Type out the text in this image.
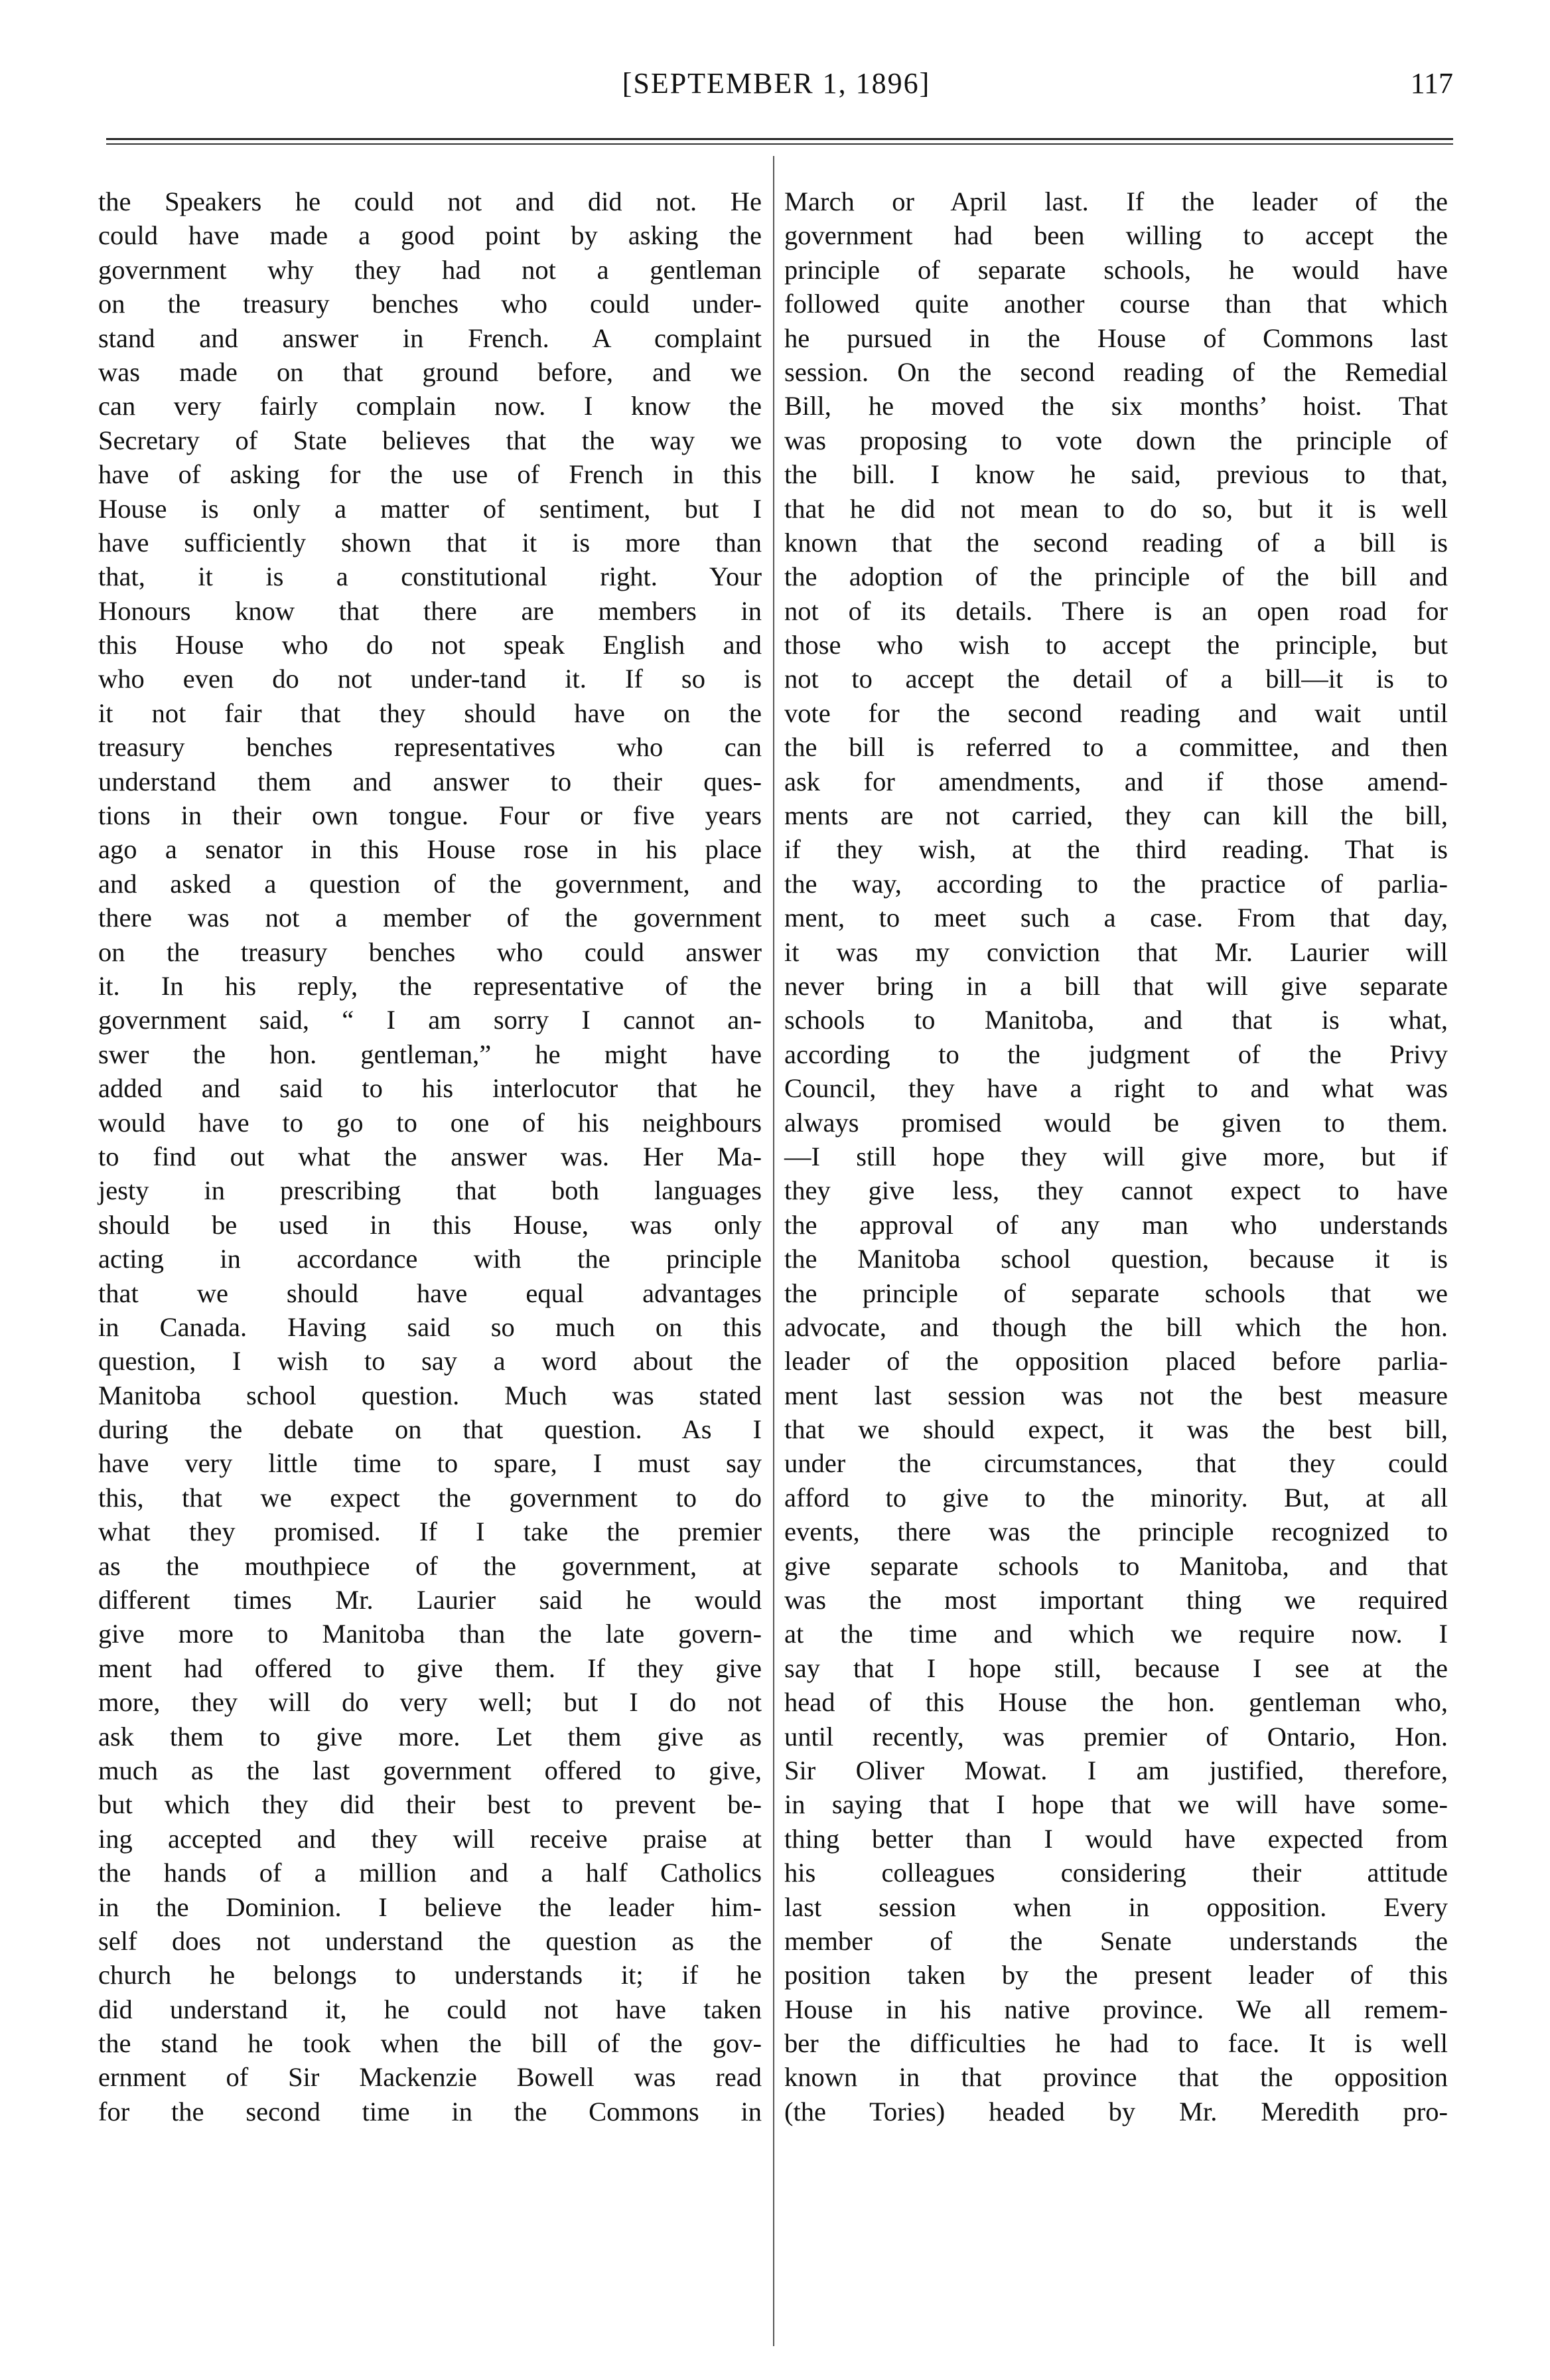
[SEPTEMBER 1, 1896]	117
the Speakers he could not and did not. He
could have made a good point by asking the
government why they had not a gentleman
on the treasury benches who could under-
stand and answer in French. A complaint
was made on that ground before, and we
can very fairly complain now. I know the
Secretary of State believes that the way we
have of asking for the use of French in this
House is only a matter of sentiment, but I
have sufficiently shown that it is more than
that, it is a constitutional right. Your
Honours know that there are members in
this House who do not speak English and
who even do not under-tand it. If so is
it not fair that they should have on the
treasury benches representatives who can
understand them and answer to their ques-
tions in their own tongue. Four or five years
ago a senator in this House rose in his place
and asked a question of the government, and
there was not a member of the government
on the treasury benches who could answer
it. In his reply, the representative of the
government said, “ I am sorry I cannot an-
swer the hon. gentleman,” he might have
added and said to his interlocutor that he
would have to go to one of his neighbours
to find out what the answer was. Her Ma-
jesty in prescribing that both languages
should be used in this House, was only
acting in accordance with the principle
that we should have equal advantages
in Canada. Having said so much on this
question, I wish to say a word about the
Manitoba school question. Much was stated
during the debate on that question. As I
have very little time to spare, I must say
this, that we expect the government to do
what they promised. If I take the premier
as the mouthpiece of the government, at
different times Mr. Laurier said he would
give more to Manitoba than the late govern-
ment had offered to give them. If they give
more, they will do very well; but I do not
ask them to give more. Let them give as
much as the last government offered to give,
but which they did their best to prevent be-
ing accepted and they will receive praise at
the hands of a million and a half Catholics
in the Dominion. I believe the leader him-
self does not understand the question as the
church he belongs to understands it; if he
did understand it, he could not have taken
the stand he took when the bill of the gov-
ernment of Sir Mackenzie Bowell was read
for the second time in the Commons in
March or April last. If the leader of the
government had been willing to accept the
principle of separate schools, he would have
followed quite another course than that which
he pursued in the House of Commons last
session. On the second reading of the Remedial
Bill, he moved the six months’ hoist. That
was proposing to vote down the principle of
the bill. I know he said, previous to that,
that he did not mean to do so, but it is well
known that the second reading of a bill is
the adoption of the principle of the bill and
not of its details. There is an open road for
those who wish to accept the principle, but
not to accept the detail of a bill—it is to
vote for the second reading and wait until
the bill is referred to a committee, and then
ask for amendments, and if those amend-
ments are not carried, they can kill the bill,
if they wish, at the third reading. That is
the way, according to the practice of parlia-
ment, to meet such a case. From that day,
it was my conviction that Mr. Laurier will
never bring in a bill that will give separate
schools to Manitoba, and that is what,
according to the judgment of the Privy
Council, they have a right to and what was
always promised would be given to them.
—I still hope they will give more, but if
they give less, they cannot expect to have
the approval of any man who understands
the Manitoba school question, because it is
the principle of separate schools that we
advocate, and though the bill which the hon.
leader of the opposition placed before parlia-
ment last session was not the best measure
that we should expect, it was the best bill,
under the circumstances, that they could
afford to give to the minority. But, at all
events, there was the principle recognized to
give separate schools to Manitoba, and that
was the most important thing we required
at the time and which we require now. I
say that I hope still, because I see at the
head of this House the hon. gentleman who,
until recently, was premier of Ontario, Hon.
Sir Oliver Mowat. I am justified, therefore,
in saying that I hope that we will have some-
thing better than I would have expected from
his colleagues considering their attitude
last session when in opposition. Every
member of the Senate understands the
position taken by the present leader of this
House in his native province. We all remem-
ber the difficulties he had to face. It is well
known in that province that the opposition
(the Tories) headed by Mr. Meredith pro-
